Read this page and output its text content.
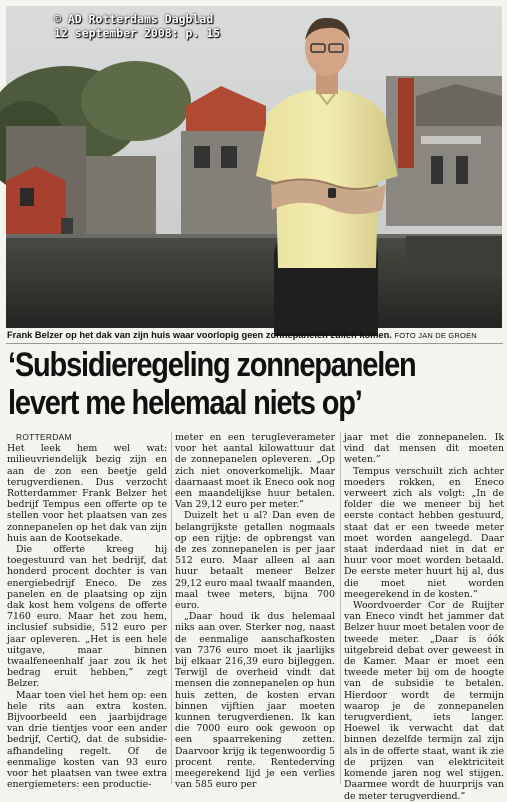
© AD Rotterdams Dagblad
12 september 2008: p. 15
Frank Belzer op het dak van zijn huis waar voorlopig geen zonnepanelen zullen komen. FOTO JAN DE GROEN
‘Subsidieregeling zonnepanelen
levert me helemaal niets op’

ROTTERDAM

Het leek hem wel wat: milieuvriendelijk bezig zijn en aan de zon een beetje geld terugverdienen. Dus verzocht Rotterdammer Frank Belzer het bedrijf Tempus een offerte op te stellen voor het plaatsen van zes zonnepanelen op het dak van zijn huis aan de Kootsekade.

Die offerte kreeg hij toegestuurd van het bedrijf, dat honderd procent dochter is van energiebedrijf Eneco. De zes panelen en de plaatsing op zijn dak kost hem volgens de offerte 7160 euro. Maar het zou hem, inclusief subsidie, 512 euro per jaar opleveren. „Het is een hele uitgave, maar binnen twaalfeneenhalf jaar zou ik het bedrag eruit hebben,” zegt Belzer.

Maar toen viel het hem op: een hele rits aan extra kosten. Bijvoorbeeld een jaarbijdrage van drie tientjes voor een ander bedrijf, CertiQ, dat de subsidie-afhandeling regelt. Of de eenmalige kosten van 93 euro voor het plaatsen van twee extra energiemeters: een productie-

meter en een terugleverameter voor het aantal kilowattuur dat de zonnepanelen opleveren. „Op zich niet onoverkomelijk. Maar daarnaast moet ik Eneco ook nog een maandelijkse huur betalen. Van 29,12 euro per meter.”

Duizelt het u al? Dan even de belangrijkste getallen nogmaals op een rijtje: de opbrengst van de zes zonnepanelen is per jaar 512 euro. Maar alleen al aan huur betaalt meneer Belzer 29,12 euro maal twaalf maanden, maal twee meters, bijna 700 euro.

„Daar houd ik dus helemaal niks aan over. Sterker nog, naast de eenmalige aanschafkosten van 7376 euro moet ik jaarlijks bij elkaar 216,39 euro bijleggen. Terwijl de overheid vindt dat mensen die zonnepanelen op hun huis zetten, de kosten ervan binnen vijftien jaar moeten kunnen terugverdienen. Ik kan die 7000 euro ook gewoon op een spaarrekening zetten. Daarvoor krijg ik tegenwoordig 5 procent rente. Rentederving meegerekend lijd je een verlies van 585 euro per

jaar met die zonnepanelen. Ik vind dat mensen dit moeten weten.”

Tempus verschuilt zich achter moeders rokken, en Eneco verweert zich als volgt: „In de folder die we meneer bij het eerste contact hebben gestuurd, staat dat er een tweede meter moet worden aangelegd. Daar staat inderdaad niet in dat er huur voor moet worden betaald. De eerste meter huurt hij al, dus die moet niet worden meegerekend in de kosten.”

Woordvoerder Cor de Ruijter van Eneco vindt het jammer dat Belzer huur moet betalen voor de tweede meter. „Daar is óók uitgebreid debat over geweest in de Kamer. Maar er moet een tweede meter bij om de hoogte van de subsidie te betalen. Hierdoor wordt de termijn waarop je de zonnepanelen terugverdient, iets langer. Hoewel ik verwacht dat dat binnen dezelfde termijn zal zijn als in de offerte staat, want ik zie de prijzen van elektriciteit komende jaren nog wel stijgen. Daarmee wordt de huurprijs van de meter terugverdiend.”
